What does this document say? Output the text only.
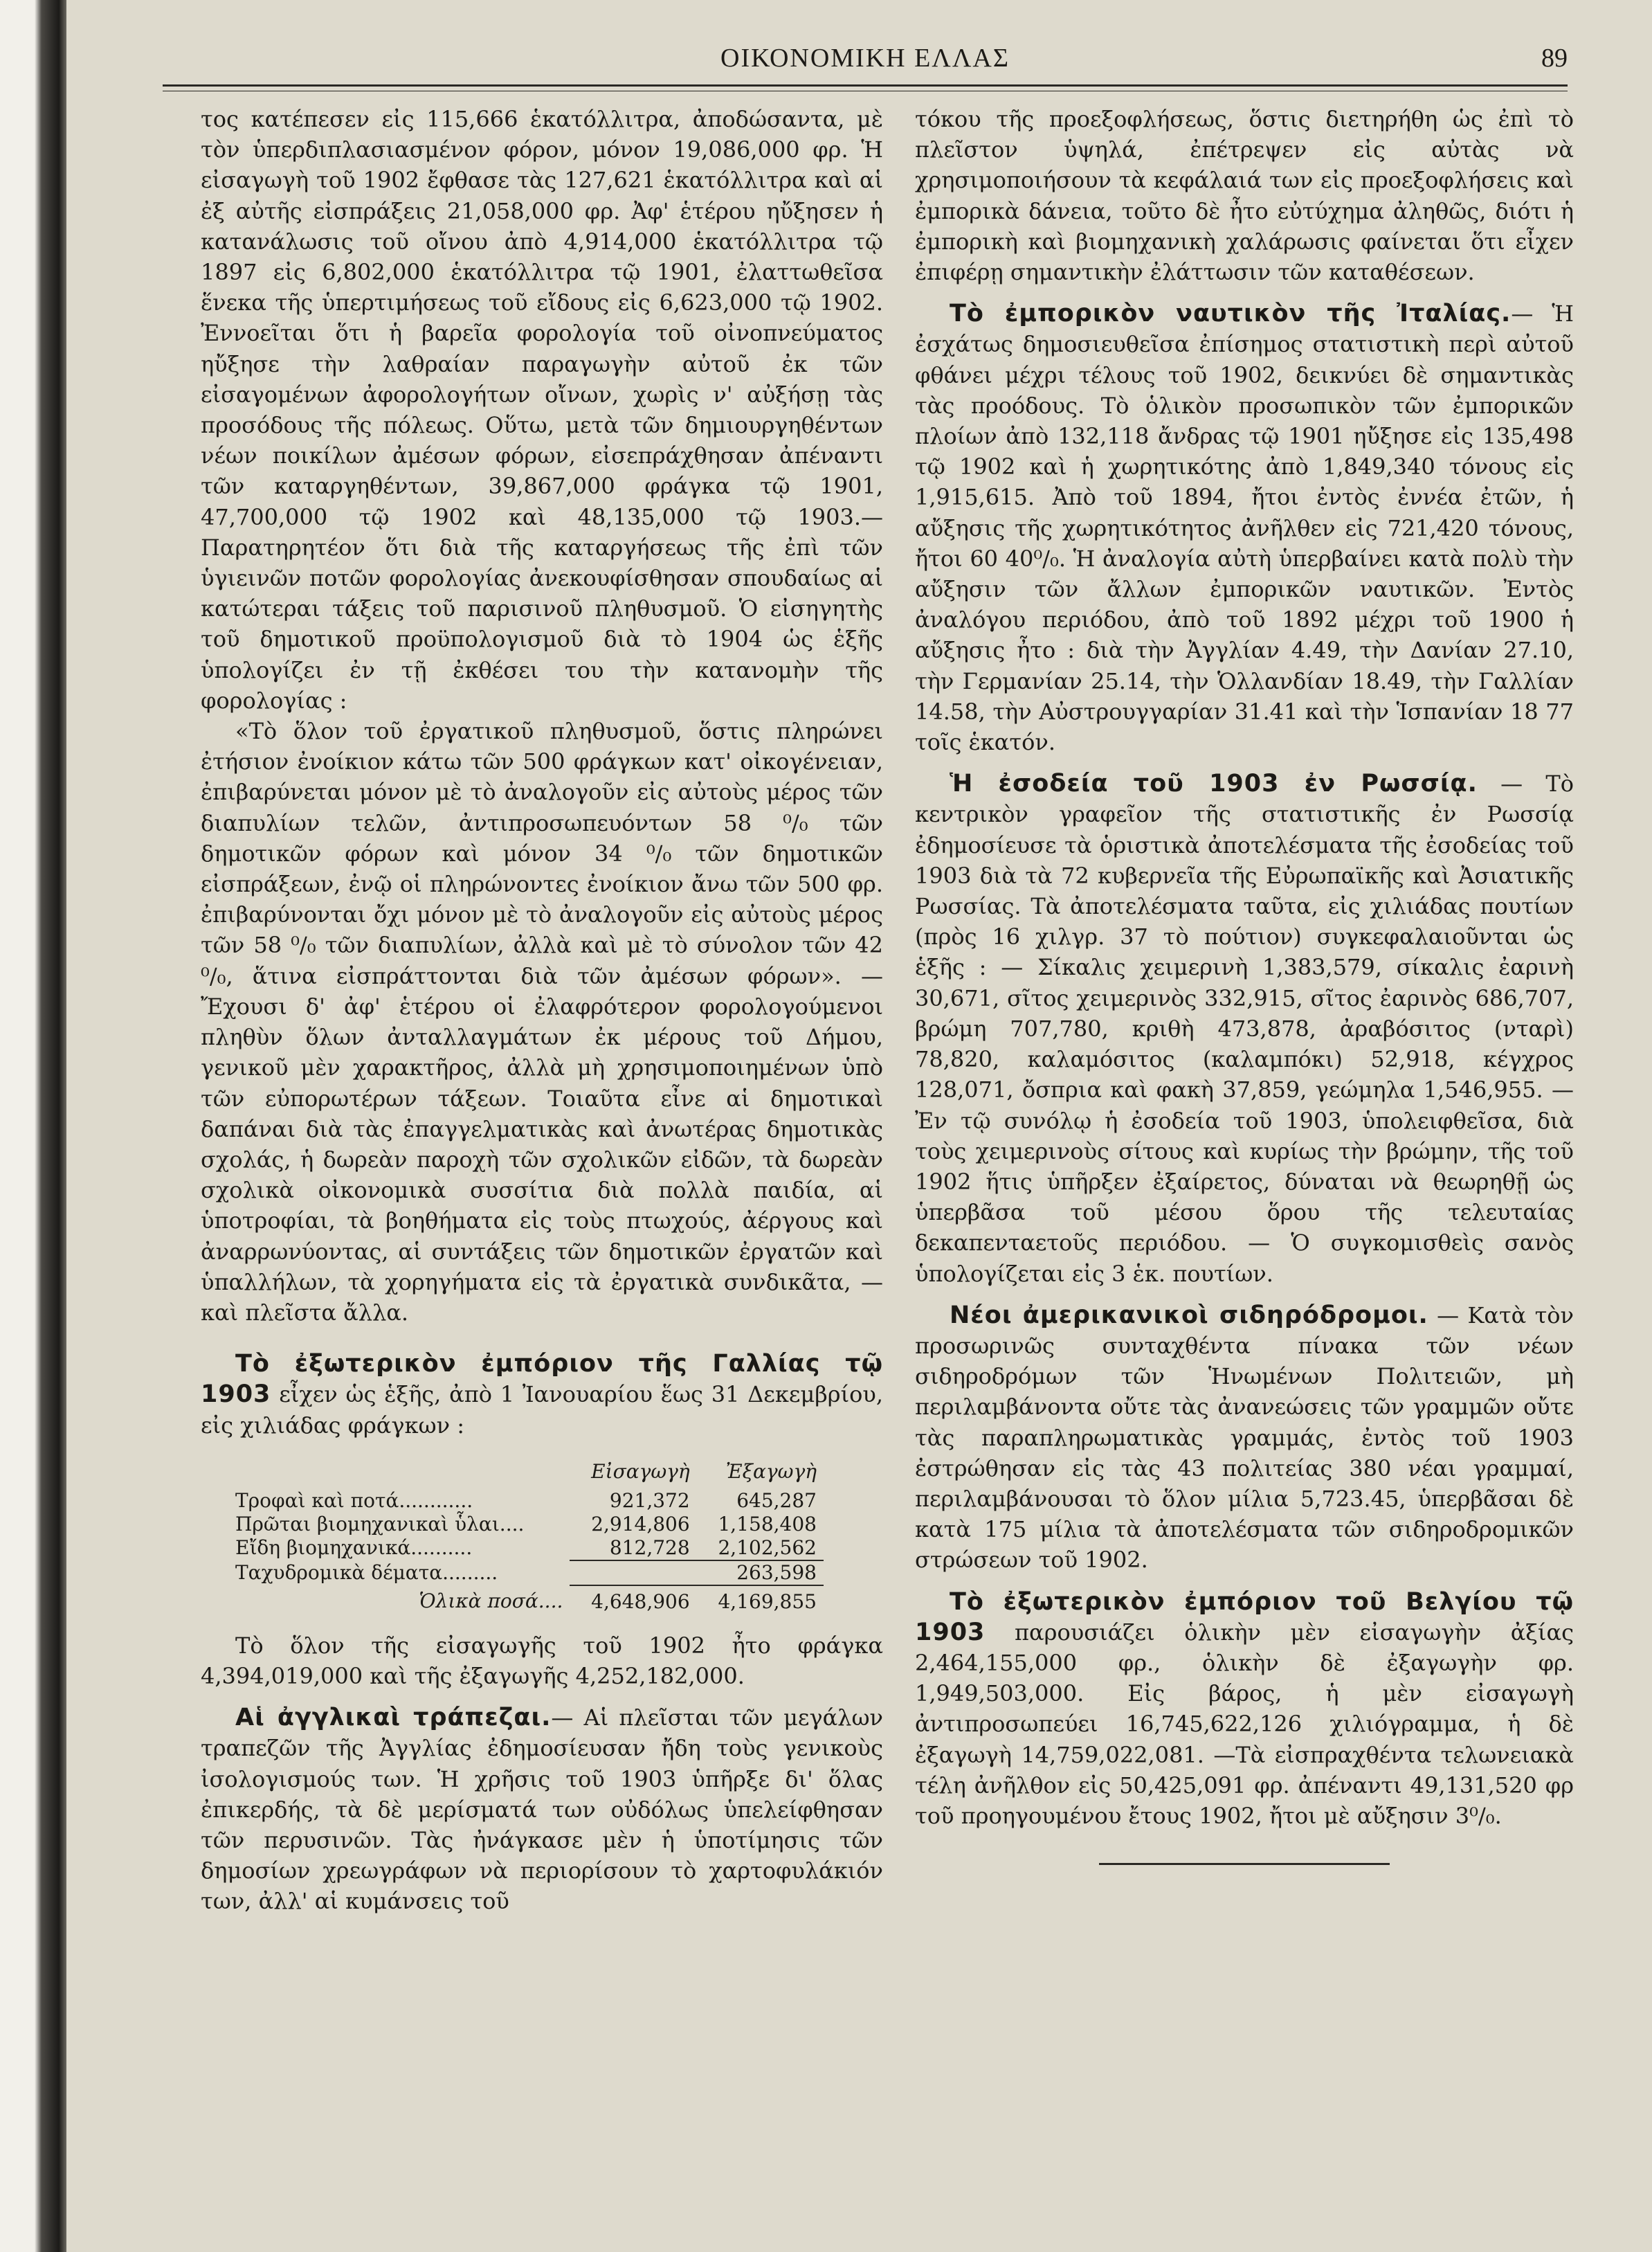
ΟΙΚΟΝΟΜΙΚΗ ΕΛΛΑΣ	89

τος κατέπεσεν εἰς 115,666 ἑκατόλλιτρα, ἀποδώσαντα, μὲ τὸν ὑπερδιπλασιασμένον φόρον, μόνον 19,086,000 φρ. Ἡ εἰσαγωγὴ τοῦ 1902 ἔφθασε τὰς 127,621 ἑκατόλλιτρα καὶ αἱ ἐξ αὐτῆς εἰσπράξεις 21,058,000 φρ. Ἀφ' ἑτέρου ηὔξησεν ἡ κατανάλωσις τοῦ οἴνου ἀπὸ 4,914,000 ἑκατόλλιτρα τῷ 1897 εἰς 6,802,000 ἑκατόλλιτρα τῷ 1901, ἐλαττωθεῖσα ἕνεκα τῆς ὑπερτιμήσεως τοῦ εἴδους εἰς 6,623,000 τῷ 1902. Ἐννοεῖται ὅτι ἡ βαρεῖα φορολογία τοῦ οἰνοπνεύματος ηὔξησε τὴν λαθραίαν παραγωγὴν αὐτοῦ ἐκ τῶν εἰσαγομένων ἀφορολογήτων οἴνων, χωρὶς ν' αὐξήσῃ τὰς προσόδους τῆς πόλεως. Οὕτω, μετὰ τῶν δημιουργηθέντων νέων ποικίλων ἀμέσων φόρων, εἰσεπράχθησαν ἀπέναντι τῶν καταργηθέντων, 39,867,000 φράγκα τῷ 1901, 47,700,000 τῷ 1902 καὶ 48,135,000 τῷ 1903.— Παρατηρητέον ὅτι διὰ τῆς καταργήσεως τῆς ἐπὶ τῶν ὑγιεινῶν ποτῶν φορολογίας ἀνεκουφίσθησαν σπουδαίως αἱ κατώτεραι τάξεις τοῦ παρισινοῦ πληθυσμοῦ. Ὁ εἰσηγητὴς τοῦ δημοτικοῦ προϋπολογισμοῦ διὰ τὸ 1904 ὡς ἑξῆς ὑπολογίζει ἐν τῇ ἐκθέσει του τὴν κατανομὴν τῆς φορολογίας :

«Τὸ ὅλον τοῦ ἐργατικοῦ πληθυσμοῦ, ὅστις πληρώνει ἐτήσιον ἐνοίκιον κάτω τῶν 500 φράγκων κατ' οἰκογένειαν, ἐπιβαρύνεται μόνον μὲ τὸ ἀναλογοῦν εἰς αὐτοὺς μέρος τῶν διαπυλίων τελῶν, ἀντιπροσωπευόντων 58 ⁰/₀ τῶν δημοτικῶν φόρων καὶ μόνον 34 ⁰/₀ τῶν δημοτικῶν εἰσπράξεων, ἐνῷ οἱ πληρώνοντες ἐνοίκιον ἄνω τῶν 500 φρ. ἐπιβαρύνονται ὄχι μόνον μὲ τὸ ἀναλογοῦν εἰς αὐτοὺς μέρος τῶν 58 ⁰/₀ τῶν διαπυλίων, ἀλλὰ καὶ μὲ τὸ σύνολον τῶν 42 ⁰/₀, ἅτινα εἰσπράττονται διὰ τῶν ἀμέσων φόρων». — Ἔχουσι δ' ἀφ' ἑτέρου οἱ ἐλαφρότερον φορολογούμενοι πληθὺν ὅλων ἀνταλλαγμάτων ἐκ μέρους τοῦ Δήμου, γενικοῦ μὲν χαρακτῆρος, ἀλλὰ μὴ χρησιμοποιημένων ὑπὸ τῶν εὐπορωτέρων τάξεων. Τοιαῦτα εἶνε αἱ δημοτικαὶ δαπάναι διὰ τὰς ἐπαγγελματικὰς καὶ ἀνωτέρας δημοτικὰς σχολάς, ἡ δωρεὰν παροχὴ τῶν σχολικῶν εἰδῶν, τὰ δωρεὰν σχολικὰ οἰκονομικὰ συσσίτια διὰ πολλὰ παιδία, αἱ ὑποτροφίαι, τὰ βοηθήματα εἰς τοὺς πτωχούς, ἀέργους καὶ ἀναρρωνύοντας, αἱ συντάξεις τῶν δημοτικῶν ἐργατῶν καὶ ὑπαλλήλων, τὰ χορηγήματα εἰς τὰ ἐργατικὰ συνδικᾶτα, —καὶ πλεῖστα ἄλλα.

Τὸ ἐξωτερικὸν ἐμπόριον τῆς Γαλλίας τῷ 1903 εἶχεν ὡς ἑξῆς, ἀπὸ 1 Ἰανουαρίου ἕως 31 Δεκεμβρίου, εἰς χιλιάδας φράγκων :

	Εἰσαγωγὴ	Ἐξαγωγὴ
Τροφαὶ καὶ ποτά............	921,372	645,287
Πρῶται βιομηχανικαὶ ὗλαι....	2,914,806	1,158,408
Εἴδη βιομηχανικά..........	812,728	2,102,562
Ταχυδρομικὰ δέματα.........		263,598
Ὁλικὰ ποσά....	4,648,906	4,169,855

Τὸ ὅλον τῆς εἰσαγωγῆς τοῦ 1902 ἦτο φράγκα 4,394,019,000 καὶ τῆς ἐξαγωγῆς 4,252,182,000.

Αἱ ἀγγλικαὶ τράπεζαι.— Αἱ πλεῖσται τῶν μεγάλων τραπεζῶν τῆς Ἀγγλίας ἐδημοσίευσαν ἤδη τοὺς γενικοὺς ἰσολογισμούς των. Ἡ χρῆσις τοῦ 1903 ὑπῆρξε δι' ὅλας ἐπικερδής, τὰ δὲ μερίσματά των οὐδόλως ὑπελείφθησαν τῶν περυσινῶν. Τὰς ἠνάγκασε μὲν ἡ ὑποτίμησις τῶν δημοσίων χρεωγράφων νὰ περιορίσουν τὸ χαρτοφυλάκιόν των, ἀλλ' αἱ κυμάνσεις τοῦ

τόκου τῆς προεξοφλήσεως, ὅστις διετηρήθη ὡς ἐπὶ τὸ πλεῖστον ὑψηλά, ἐπέτρεψεν εἰς αὐτὰς νὰ χρησιμοποιήσουν τὰ κεφάλαιά των εἰς προεξοφλήσεις καὶ ἐμπορικὰ δάνεια, τοῦτο δὲ ἦτο εὐτύχημα ἀληθῶς, διότι ἡ ἐμπορικὴ καὶ βιομηχανικὴ χαλάρωσις φαίνεται ὅτι εἶχεν ἐπιφέρῃ σημαντικὴν ἐλάττωσιν τῶν καταθέσεων.

Τὸ ἐμπορικὸν ναυτικὸν τῆς Ἰταλίας.— Ἡ ἐσχάτως δημοσιευθεῖσα ἐπίσημος στατιστικὴ περὶ αὐτοῦ φθάνει μέχρι τέλους τοῦ 1902, δεικνύει δὲ σημαντικὰς τὰς προόδους. Τὸ ὁλικὸν προσωπικὸν τῶν ἐμπορικῶν πλοίων ἀπὸ 132,118 ἄνδρας τῷ 1901 ηὔξησε εἰς 135,498 τῷ 1902 καὶ ἡ χωρητικότης ἀπὸ 1,849,340 τόνους εἰς 1,915,615. Ἀπὸ τοῦ 1894, ἤτοι ἐντὸς ἐννέα ἐτῶν, ἡ αὔξησις τῆς χωρητικότητος ἀνῆλθεν εἰς 721,420 τόνους, ἤτοι 60 40⁰/₀. Ἡ ἀναλογία αὐτὴ ὑπερβαίνει κατὰ πολὺ τὴν αὔξησιν τῶν ἄλλων ἐμπορικῶν ναυτικῶν. Ἐντὸς ἀναλόγου περιόδου, ἀπὸ τοῦ 1892 μέχρι τοῦ 1900 ἡ αὔξησις ἦτο : διὰ τὴν Ἀγγλίαν 4.49, τὴν Δανίαν 27.10, τὴν Γερμανίαν 25.14, τὴν Ὁλλανδίαν 18.49, τὴν Γαλλίαν 14.58, τὴν Αὐστρουγγαρίαν 31.41 καὶ τὴν Ἱσπανίαν 18 77 τοῖς ἑκατόν.

Ἡ ἐσοδεία τοῦ 1903 ἐν Ρωσσίᾳ. — Τὸ κεντρικὸν γραφεῖον τῆς στατιστικῆς ἐν Ρωσσίᾳ ἐδημοσίευσε τὰ ὁριστικὰ ἀποτελέσματα τῆς ἐσοδείας τοῦ 1903 διὰ τὰ 72 κυβερνεῖα τῆς Εὐρωπαϊκῆς καὶ Ἀσιατικῆς Ρωσσίας. Τὰ ἀποτελέσματα ταῦτα, εἰς χιλιάδας πουτίων (πρὸς 16 χιλγρ. 37 τὸ πούτιον) συγκεφαλαιοῦνται ὡς ἑξῆς : — Σίκαλις χειμερινὴ 1,383,579, σίκαλις ἐαρινὴ 30,671, σῖτος χειμερινὸς 332,915, σῖτος ἐαρινὸς 686,707, βρώμη 707,780, κριθὴ 473,878, ἀραβόσιτος (νταρὶ) 78,820, καλαμόσιτος (καλαμπόκι) 52,918, κέγχρος 128,071, ὄσπρια καὶ φακὴ 37,859, γεώμηλα 1,546,955. — Ἐν τῷ συνόλῳ ἡ ἐσοδεία τοῦ 1903, ὑπολειφθεῖσα, διὰ τοὺς χειμερινοὺς σίτους καὶ κυρίως τὴν βρώμην, τῆς τοῦ 1902 ἥτις ὑπῆρξεν ἐξαίρετος, δύναται νὰ θεωρηθῇ ὡς ὑπερβᾶσα τοῦ μέσου ὅρου τῆς τελευταίας δεκαπενταετοῦς περιόδου. — Ὁ συγκομισθεὶς σανὸς ὑπολογίζεται εἰς 3 ἑκ. πουτίων.

Νέοι ἀμερικανικοὶ σιδηρόδρομοι. — Κατὰ τὸν προσωρινῶς συνταχθέντα πίνακα τῶν νέων σιδηροδρόμων τῶν Ἡνωμένων Πολιτειῶν, μὴ περιλαμβάνοντα οὔτε τὰς ἀνανεώσεις τῶν γραμμῶν οὔτε τὰς παραπληρωματικὰς γραμμάς, ἐντὸς τοῦ 1903 ἐστρώθησαν εἰς τὰς 43 πολιτείας 380 νέαι γραμμαί, περιλαμβάνουσαι τὸ ὅλον μίλια 5,723.45, ὑπερβᾶσαι δὲ κατὰ 175 μίλια τὰ ἀποτελέσματα τῶν σιδηροδρομικῶν στρώσεων τοῦ 1902.

Τὸ ἐξωτερικὸν ἐμπόριον τοῦ Βελγίου τῷ 1903 παρουσιάζει ὁλικὴν μὲν εἰσαγωγὴν ἀξίας 2,464,155,000 φρ., ὁλικὴν δὲ ἐξαγωγὴν φρ. 1,949,503,000. Εἰς βάρος, ἡ μὲν εἰσαγωγὴ ἀντιπροσωπεύει 16,745,622,126 χιλιόγραμμα, ἡ δὲ ἐξαγωγὴ 14,759,022,081. —Τὰ εἰσπραχθέντα τελωνειακὰ τέλη ἀνῆλθον εἰς 50,425,091 φρ. ἀπέναντι 49,131,520 φρ τοῦ προηγουμένου ἔτους 1902, ἤτοι μὲ αὔξησιν 3⁰/₀.
